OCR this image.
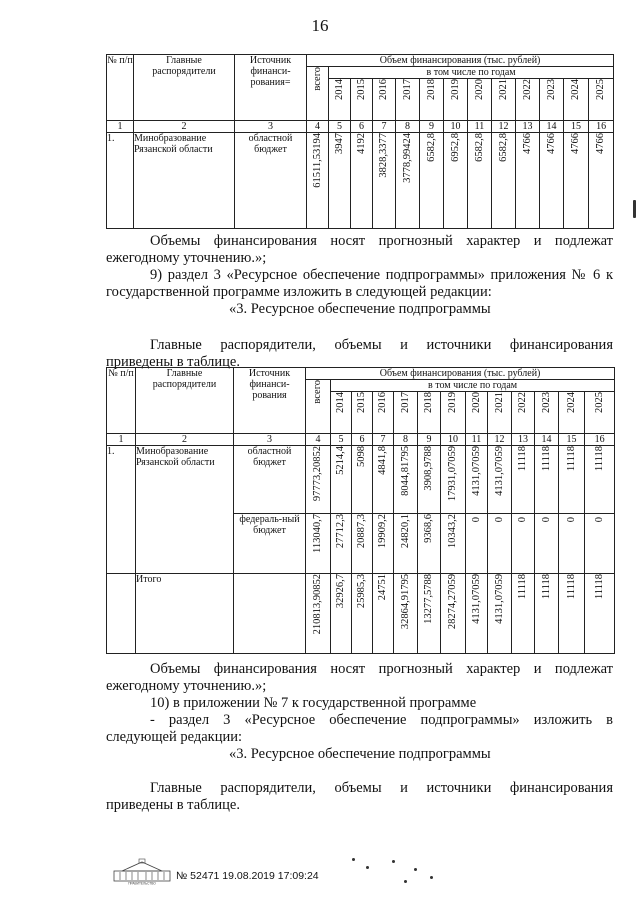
16
№ п/п	Главные распорядители	Источник финанси-рования=	Объем финансирования (тыс. рублей)												
			всего	в том числе по годам											
				2014	2015	2016	2017	2018	2019	2020	2021	2022	2023	2024	2025
1	2	3	4	5	6	7	8	9	10	11	12	13	14	15	16
1.	Минобразование Рязанской области	областной бюджет	61511,53194	3947	4192	3828,3377	3778,99424	6582,8	6952,8	6582,8	6582,8	4766	4766	4766	4766

Объемы финансирования носят прогнозный характер и подлежат

ежегодному уточнению.»;

9) раздел 3 «Ресурсное обеспечение подпрограммы» приложения № 6 к

государственной программе изложить в следующей редакции:

«3. Ресурсное обеспечение подпрограммы

Главные распорядители, объемы и источники финансирования

приведены в таблице.

№ п/п	Главные распорядители	Источник финанси-рования	Объем финансирования (тыс. рублей)												
			всего	в том числе по годам											
				2014	2015	2016	2017	2018	2019	2020	2021	2022	2023	2024	2025
1	2	3	4	5	6	7	8	9	10	11	12	13	14	15	16
1.	Минобразование Рязанской области	областной бюджет	97773,20852	5214,4	5098	4841,8	8044,81795	3908,9788	17931,07059	4131,07059	4131,07059	11118	11118	11118	11118
		федераль-ный бюджет	113040,7	27712,3	20887,3	19909,2	24820,1	9368,6	10343,2	0	0	0	0	0	0
	Итого		210813,90852	32926,7	25985,3	24751	32864,91795	13277,5788	28274,27059	4131,07059	4131,07059	11118	11118	11118	11118

Объемы финансирования носят прогнозный характер и подлежат

ежегодному уточнению.»;

10) в приложении № 7 к государственной программе

- раздел 3 «Ресурсное обеспечение подпрограммы» изложить в

следующей редакции:

«3. Ресурсное обеспечение подпрограммы

Главные распорядители, объемы и источники финансирования

приведены в таблице.

ПРАВИТЕЛЬСТВО
№ 52471 19.08.2019 17:09:24
